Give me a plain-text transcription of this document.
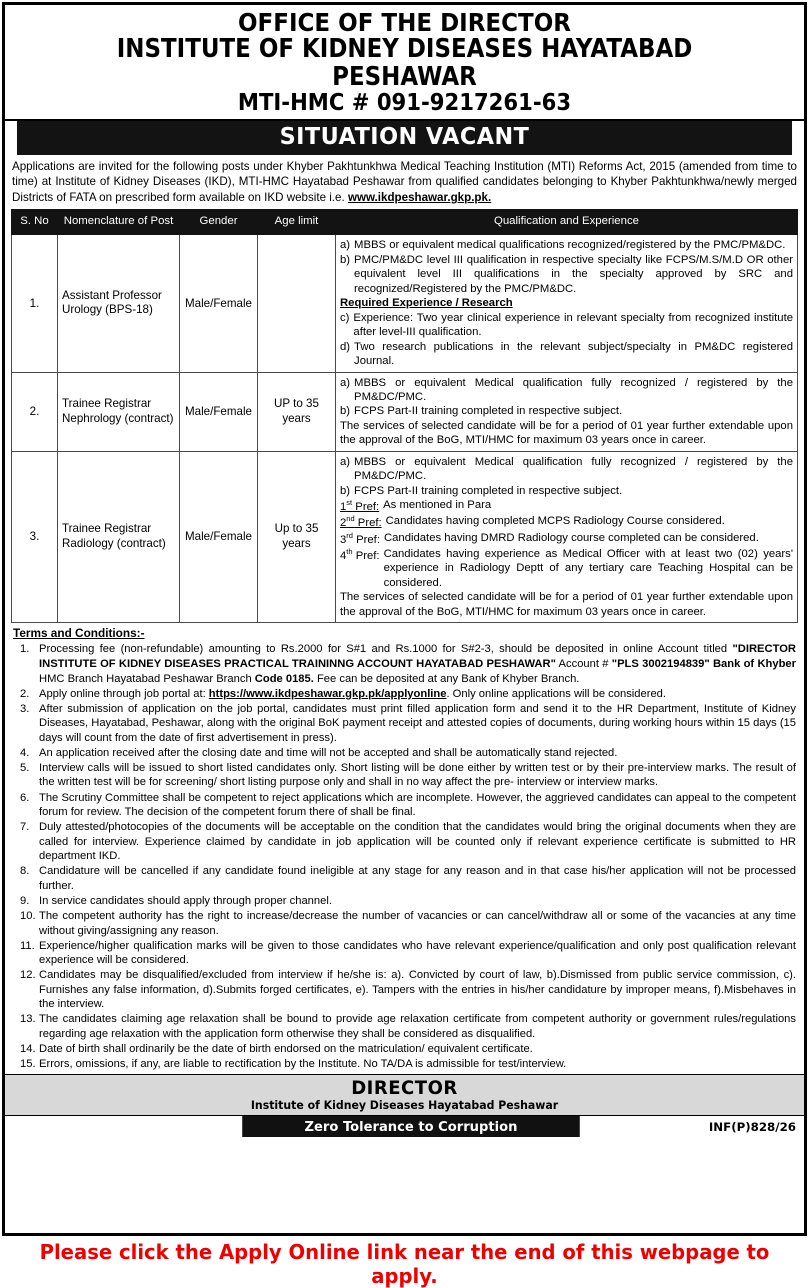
OFFICE OF THE DIRECTOR
INSTITUTE OF KIDNEY DISEASES HAYATABAD PESHAWAR
MTI-HMC # 091-9217261-63
SITUATION VACANT
Applications are invited for the following posts under Khyber Pakhtunkhwa Medical Teaching Institution (MTI) Reforms Act, 2015 (amended from time to time) at Institute of Kidney Diseases (IKD), MTI-HMC Hayatabad Peshawar from qualified candidates belonging to Khyber Pakhtunkhwa/newly merged Districts of FATA on prescribed form available on IKD website i.e. www.ikdpeshawar.gkp.pk.
S. No	Nomenclature of Post	Gender	Age limit	Qualification and Experience
1.	Assistant Professor Urology (BPS-18)	Male/Female		
a) MBBS or equivalent medical qualifications recognized/registered by the PMC/PM&DC.
b) PMC/PM&DC level III qualification in respective specialty like FCPS/M.S/M.D OR other equivalent level III qualifications in the specialty approved by SRC and recognized/Registered by the PMC/PM&DC.
Required Experience / Research
c) Experience: Two year clinical experience in relevant specialty from recognized institute after level-III qualification.
d) Two research publications in the relevant subject/specialty in PM&DC registered Journal.

2.	Trainee Registrar Nephrology (contract)	Male/Female	UP to 35 years	a) MBBS or equivalent Medical qualification fully recognized / registered by the PM&DC/PMC.
b) FCPS Part-II training completed in respective subject.
The services of selected candidate will be for a period of 01 year further extendable upon the approval of the BoG, MTI/HMC for maximum 03 years once in career.

3.	Trainee Registrar Radiology (contract)	Male/Female	Up to 35 years	
a) MBBS or equivalent Medical qualification fully recognized / registered by the PM&DC/PMC.
b) FCPS Part-II training completed in respective subject.
1st Pref: As mentioned in Para
2nd Pref: Candidates having completed MCPS Radiology Course considered.
3rd Pref: Candidates having DMRD Radiology course completed can be considered.
4th Pref: Candidates having experience as Medical Officer with at least two (02) years' experience in Radiology Deptt of any tertiary care Teaching Hospital can be considered.
The services of selected candidate will be for a period of 01 year further extendable upon the approval of the BoG, MTI/HMC for maximum 03 years once in career.
Terms and Conditions:-
1. Processing fee (non-refundable) amounting to Rs.2000 for S#1 and Rs.1000 for S#2-3, should be deposited in online Account titled "DIRECTOR INSTITUTE OF KIDNEY DISEASES PRACTICAL TRAININNG ACCOUNT HAYATABAD PESHAWAR" Account # "PLS 3002194839" Bank of Khyber HMC Branch Hayatabad Peshawar Branch Code 0185. Fee can be deposited at any Bank of Khyber Branch.
2. Apply online through job portal at: https://www.ikdpeshawar.gkp.pk/applyonline. Only online applications will be considered.
3. After submission of application on the job portal, candidates must print filled application form and send it to the HR Department, Institute of Kidney Diseases, Hayatabad, Peshawar, along with the original BoK payment receipt and attested copies of documents, during working hours within 15 days (15 days will count from the date of first advertisement in press).
4. An application received after the closing date and time will not be accepted and shall be automatically stand rejected.
5. Interview calls will be issued to short listed candidates only. Short listing will be done either by written test or by their pre-interview marks. The result of the written test will be for screening/ short listing purpose only and shall in no way affect the pre- interview or interview marks.
6. The Scrutiny Committee shall be competent to reject applications which are incomplete. However, the aggrieved candidates can appeal to the competent forum for review. The decision of the competent forum there of shall be final.
7. Duly attested/photocopies of the documents will be acceptable on the condition that the candidates would bring the original documents when they are called for interview. Experience claimed by candidate in job application will be counted only if relevant experience certificate is submitted to HR department IKD.
8. Candidature will be cancelled if any candidate found ineligible at any stage for any reason and in that case his/her application will not be processed further.
9. In service candidates should apply through proper channel.
10. The competent authority has the right to increase/decrease the number of vacancies or can cancel/withdraw all or some of the vacancies at any time without giving/assigning any reason.
11. Experience/higher qualification marks will be given to those candidates who have relevant experience/qualification and only post qualification relevant experience will be considered.
12. Candidates may be disqualified/excluded from interview if he/she is: a). Convicted by court of law, b).Dismissed from public service commission, c). Furnishes any false information, d).Submits forged certificates, e). Tampers with the entries in his/her candidature by improper means, f).Misbehaves in the interview.
13. The candidates claiming age relaxation shall be bound to provide age relaxation certificate from competent authority or government rules/regulations regarding age relaxation with the application form otherwise they shall be considered as disqualified.
14. Date of birth shall ordinarily be the date of birth endorsed on the matriculation/ equivalent certificate.
15. Errors, omissions, if any, are liable to rectification by the Institute. No TA/DA is admissible for test/interview.
DIRECTOR
Institute of Kidney Diseases Hayatabad Peshawar
Zero Tolerance to Corruption	INF(P)828/26
Please click the Apply Online link near the end of this webpage to apply.
